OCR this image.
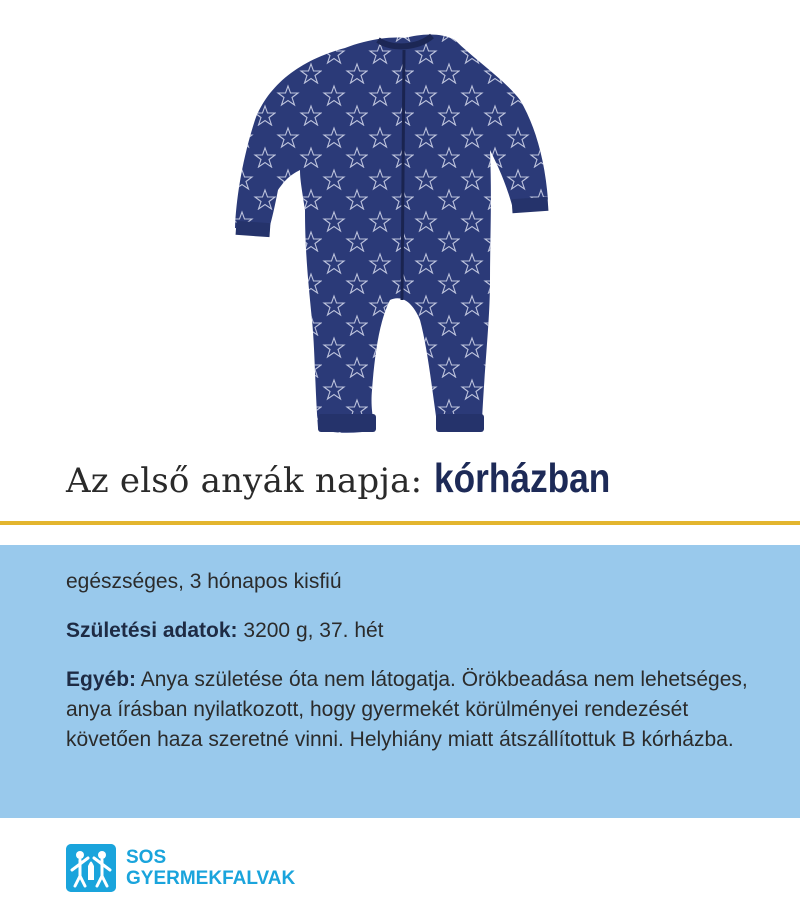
Az első anyák napja: kórházban
egészséges, 3 hónapos kisfiú
Születési adatok: 3200 g, 37. hét
Egyéb: Anya születése óta nem látogatja. Örökbeadása nem lehetséges, anya írásban nyilatkozott, hogy gyermekét körülményei rendezését követően haza szeretné vinni. Helyhiány miatt átszállítottuk B kórházba.
SOS
GYERMEKFALVAK
